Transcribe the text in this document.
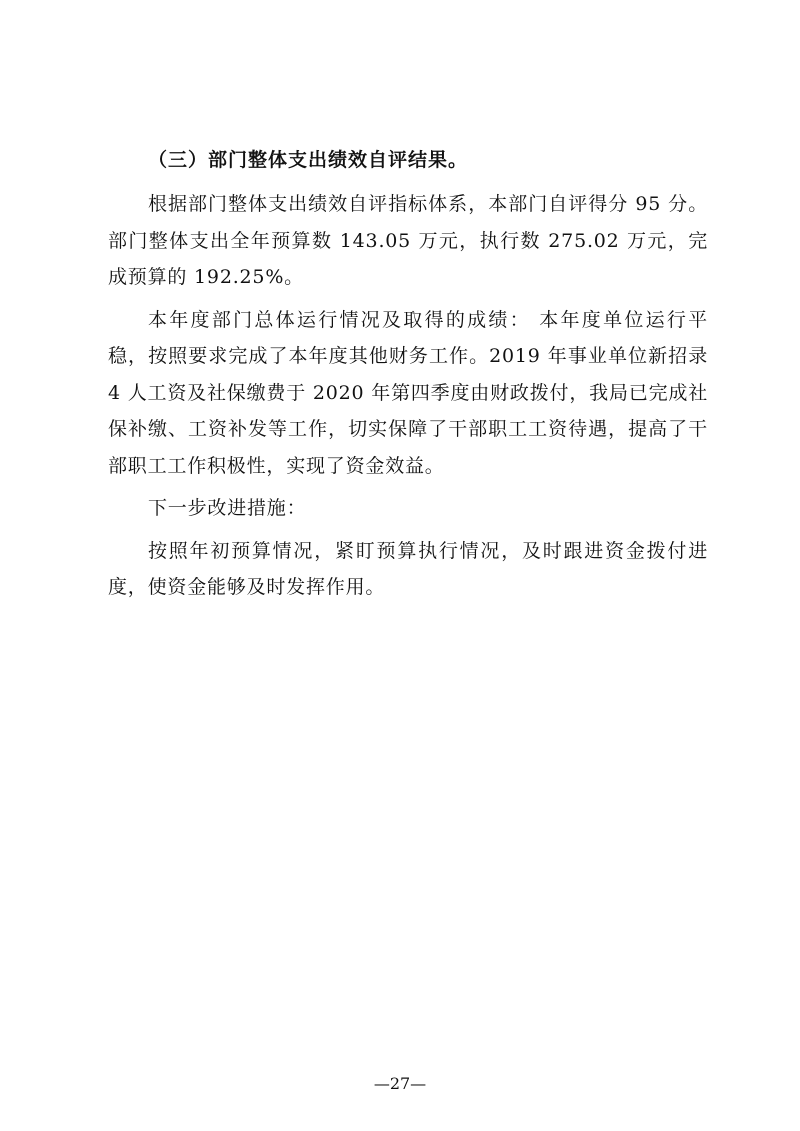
（三）部门整体支出绩效自评结果。

根据部门整体支出绩效自评指标体系，本部门自评得分 95 分。部门整体支出全年预算数 143.05 万元，执行数 275.02 万元，完成预算的 192.25%。

本年度部门总体运行情况及取得的成绩： 本年度单位运行平稳，按照要求完成了本年度其他财务工作。2019 年事业单位新招录 4 人工资及社保缴费于 2020 年第四季度由财政拨付，我局已完成社保补缴、工资补发等工作，切实保障了干部职工工资待遇，提高了干部职工工作积极性，实现了资金效益。

下一步改进措施：

按照年初预算情况，紧盯预算执行情况，及时跟进资金拨付进度，使资金能够及时发挥作用。

—27—
